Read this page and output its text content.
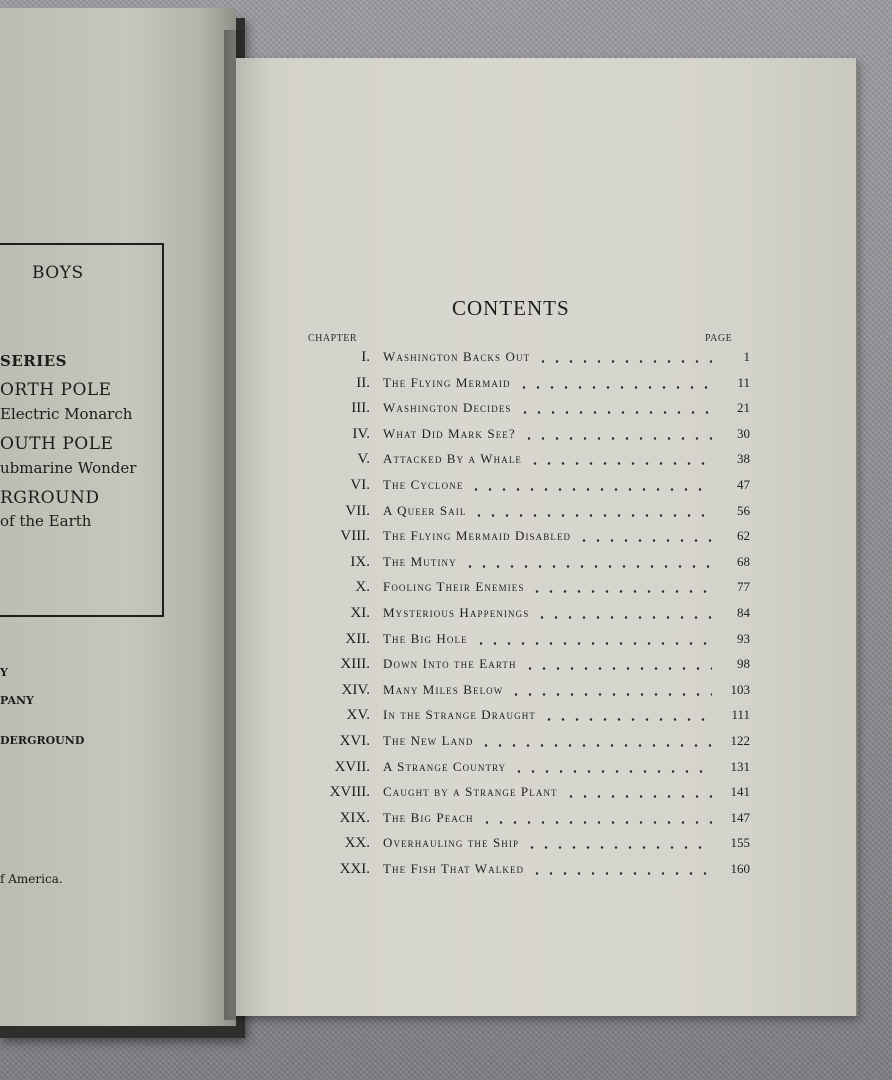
BOYS
SERIES
ORTH POLE
Electric Monarch
OUTH POLE
ubmarine Wonder
RGROUND
of the Earth
Y
PANY
DERGROUND
f America.
CONTENTS
CHAPTER	PAGE
I. Washington Backs Out	1
II. The Flying Mermaid	11
III. Washington Decides	21
IV. What Did Mark See?	30
V. Attacked By a Whale	38
VI. The Cyclone	47
VII. A Queer Sail	56
VIII. The Flying Mermaid Disabled	62
IX. The Mutiny	68
X. Fooling Their Enemies	77
XI. Mysterious Happenings	84
XII. The Big Hole	93
XIII. Down Into the Earth	98
XIV. Many Miles Below	103
XV. In the Strange Draught	111
XVI. The New Land	122
XVII. A Strange Country	131
XVIII. Caught by a Strange Plant	141
XIX. The Big Peach	147
XX. Overhauling the Ship	155
XXI. The Fish That Walked	160
